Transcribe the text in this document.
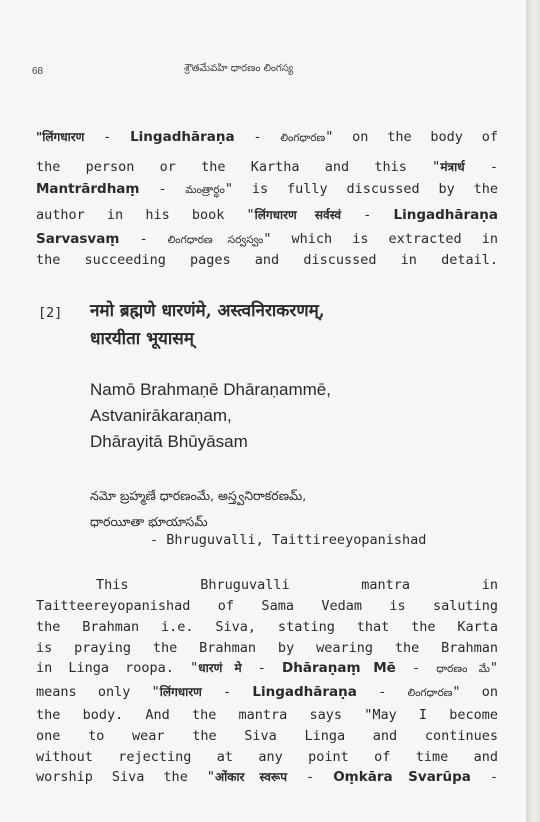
68	శ్రౌతమేవహి ధారణం లింగస్య
"लिंगधारण - Lingadhāraṇa - లింగధారణ" on the body of
the person or the Kartha and this "मंत्रार्ध -
Mantrārdhaṃ - మంత్రార్ధం" is fully discussed by the
author in his book "लिंगधारण सर्वस्वं - Lingadhāraṇa
Sarvasvaṃ - లింగధారణ సర్వస్వం" which is extracted in
the succeeding pages and discussed in detail.
[2] नमो ब्रह्मणे धारणंमे, अस्त्वनिराकरणम्,
धारयीता भूयासम्
Namō Brahmaṇē Dhāraṇammē,
Astvanirākaraṇam,
Dhārayitā Bhūyāsam
నమో బ్రహ్మణే ధారణంమే, అస్త్వనిరాకరణమ్,
ధారయీతా భూయాసమ్
- Bhruguvalli, Taittireeyopanishad
This Bhruguvalli mantra in
Taitteereyopanishad of Sama Vedam is saluting
the Brahman i.e. Siva, stating that the Karta
is praying the Brahman by wearing the Brahman
in Linga roopa. "धारणं मे - Dhāraṇaṃ Mē - ధారణం మే"
means only "लिंगधारण - Lingadhāraṇa - లింగధారణ" on
the body. And the mantra says "May I become
one to wear the Siva Linga and continues
without rejecting at any point of time and
worship Siva the "ओंकार स्वरूप - Oṃkāra Svarūpa -
